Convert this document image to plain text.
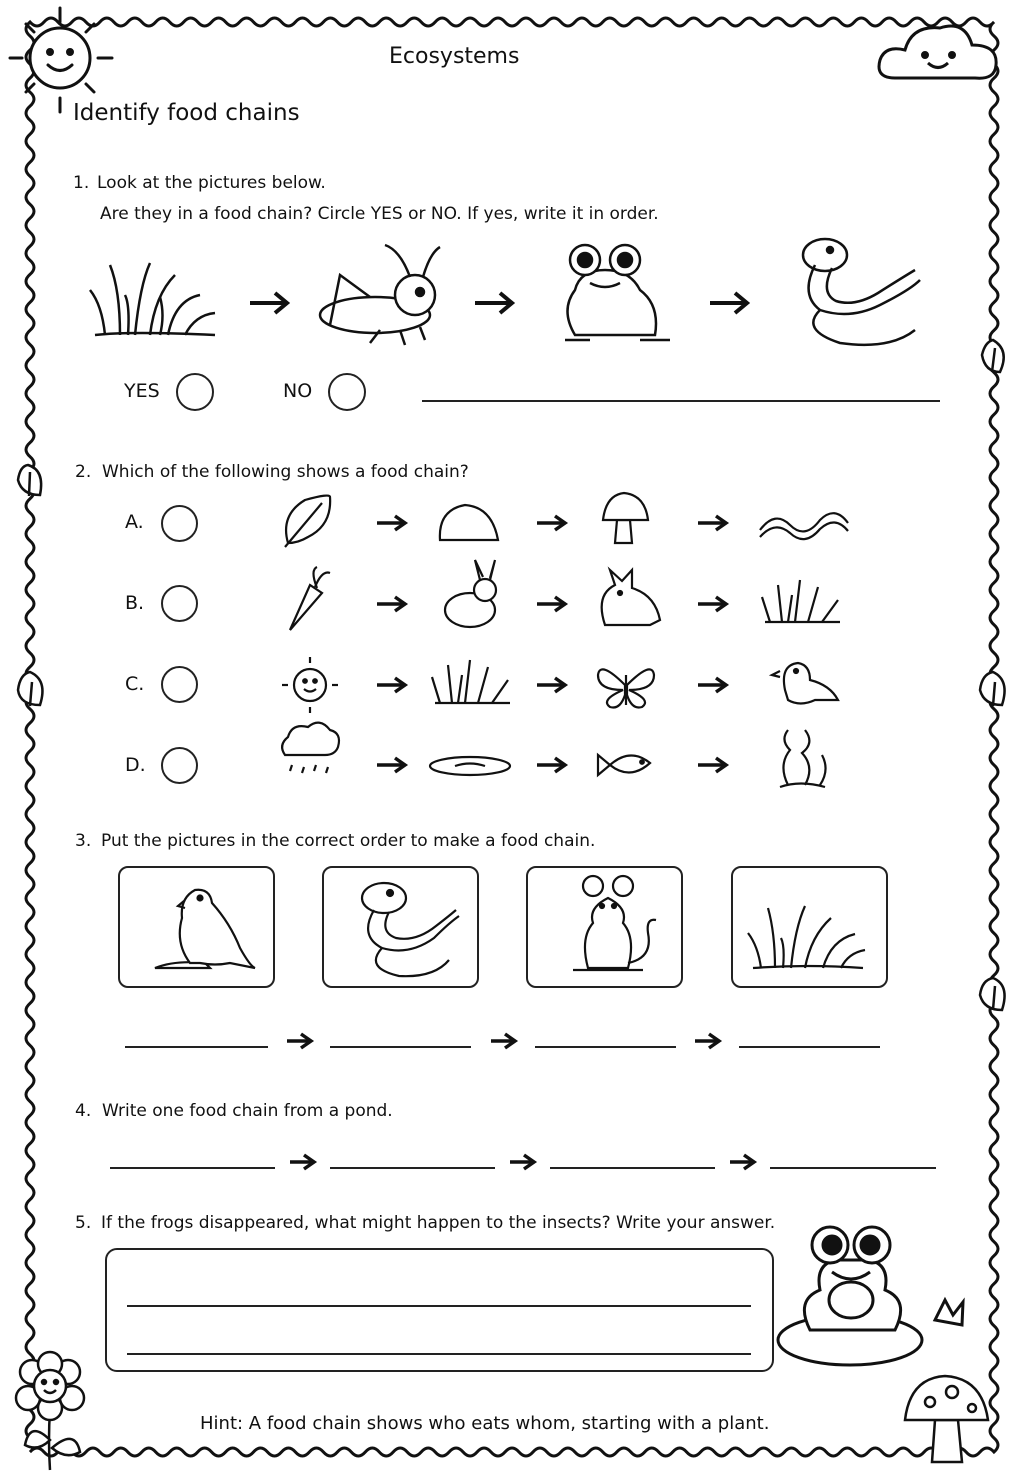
Ecosystems
Identify food chains
1. Look at the pictures below.
Are they in a food chain? Circle YES or NO. If yes, write it in order.
YES	NO
2. Which of the following shows a food chain?
A.
B.
C.
D.
3. Put the pictures in the correct order to make a food chain.
4. Write one food chain from a pond.
5. If the frogs disappeared, what might happen to the insects? Write your answer.
Hint: A food chain shows who eats whom, starting with a plant.
